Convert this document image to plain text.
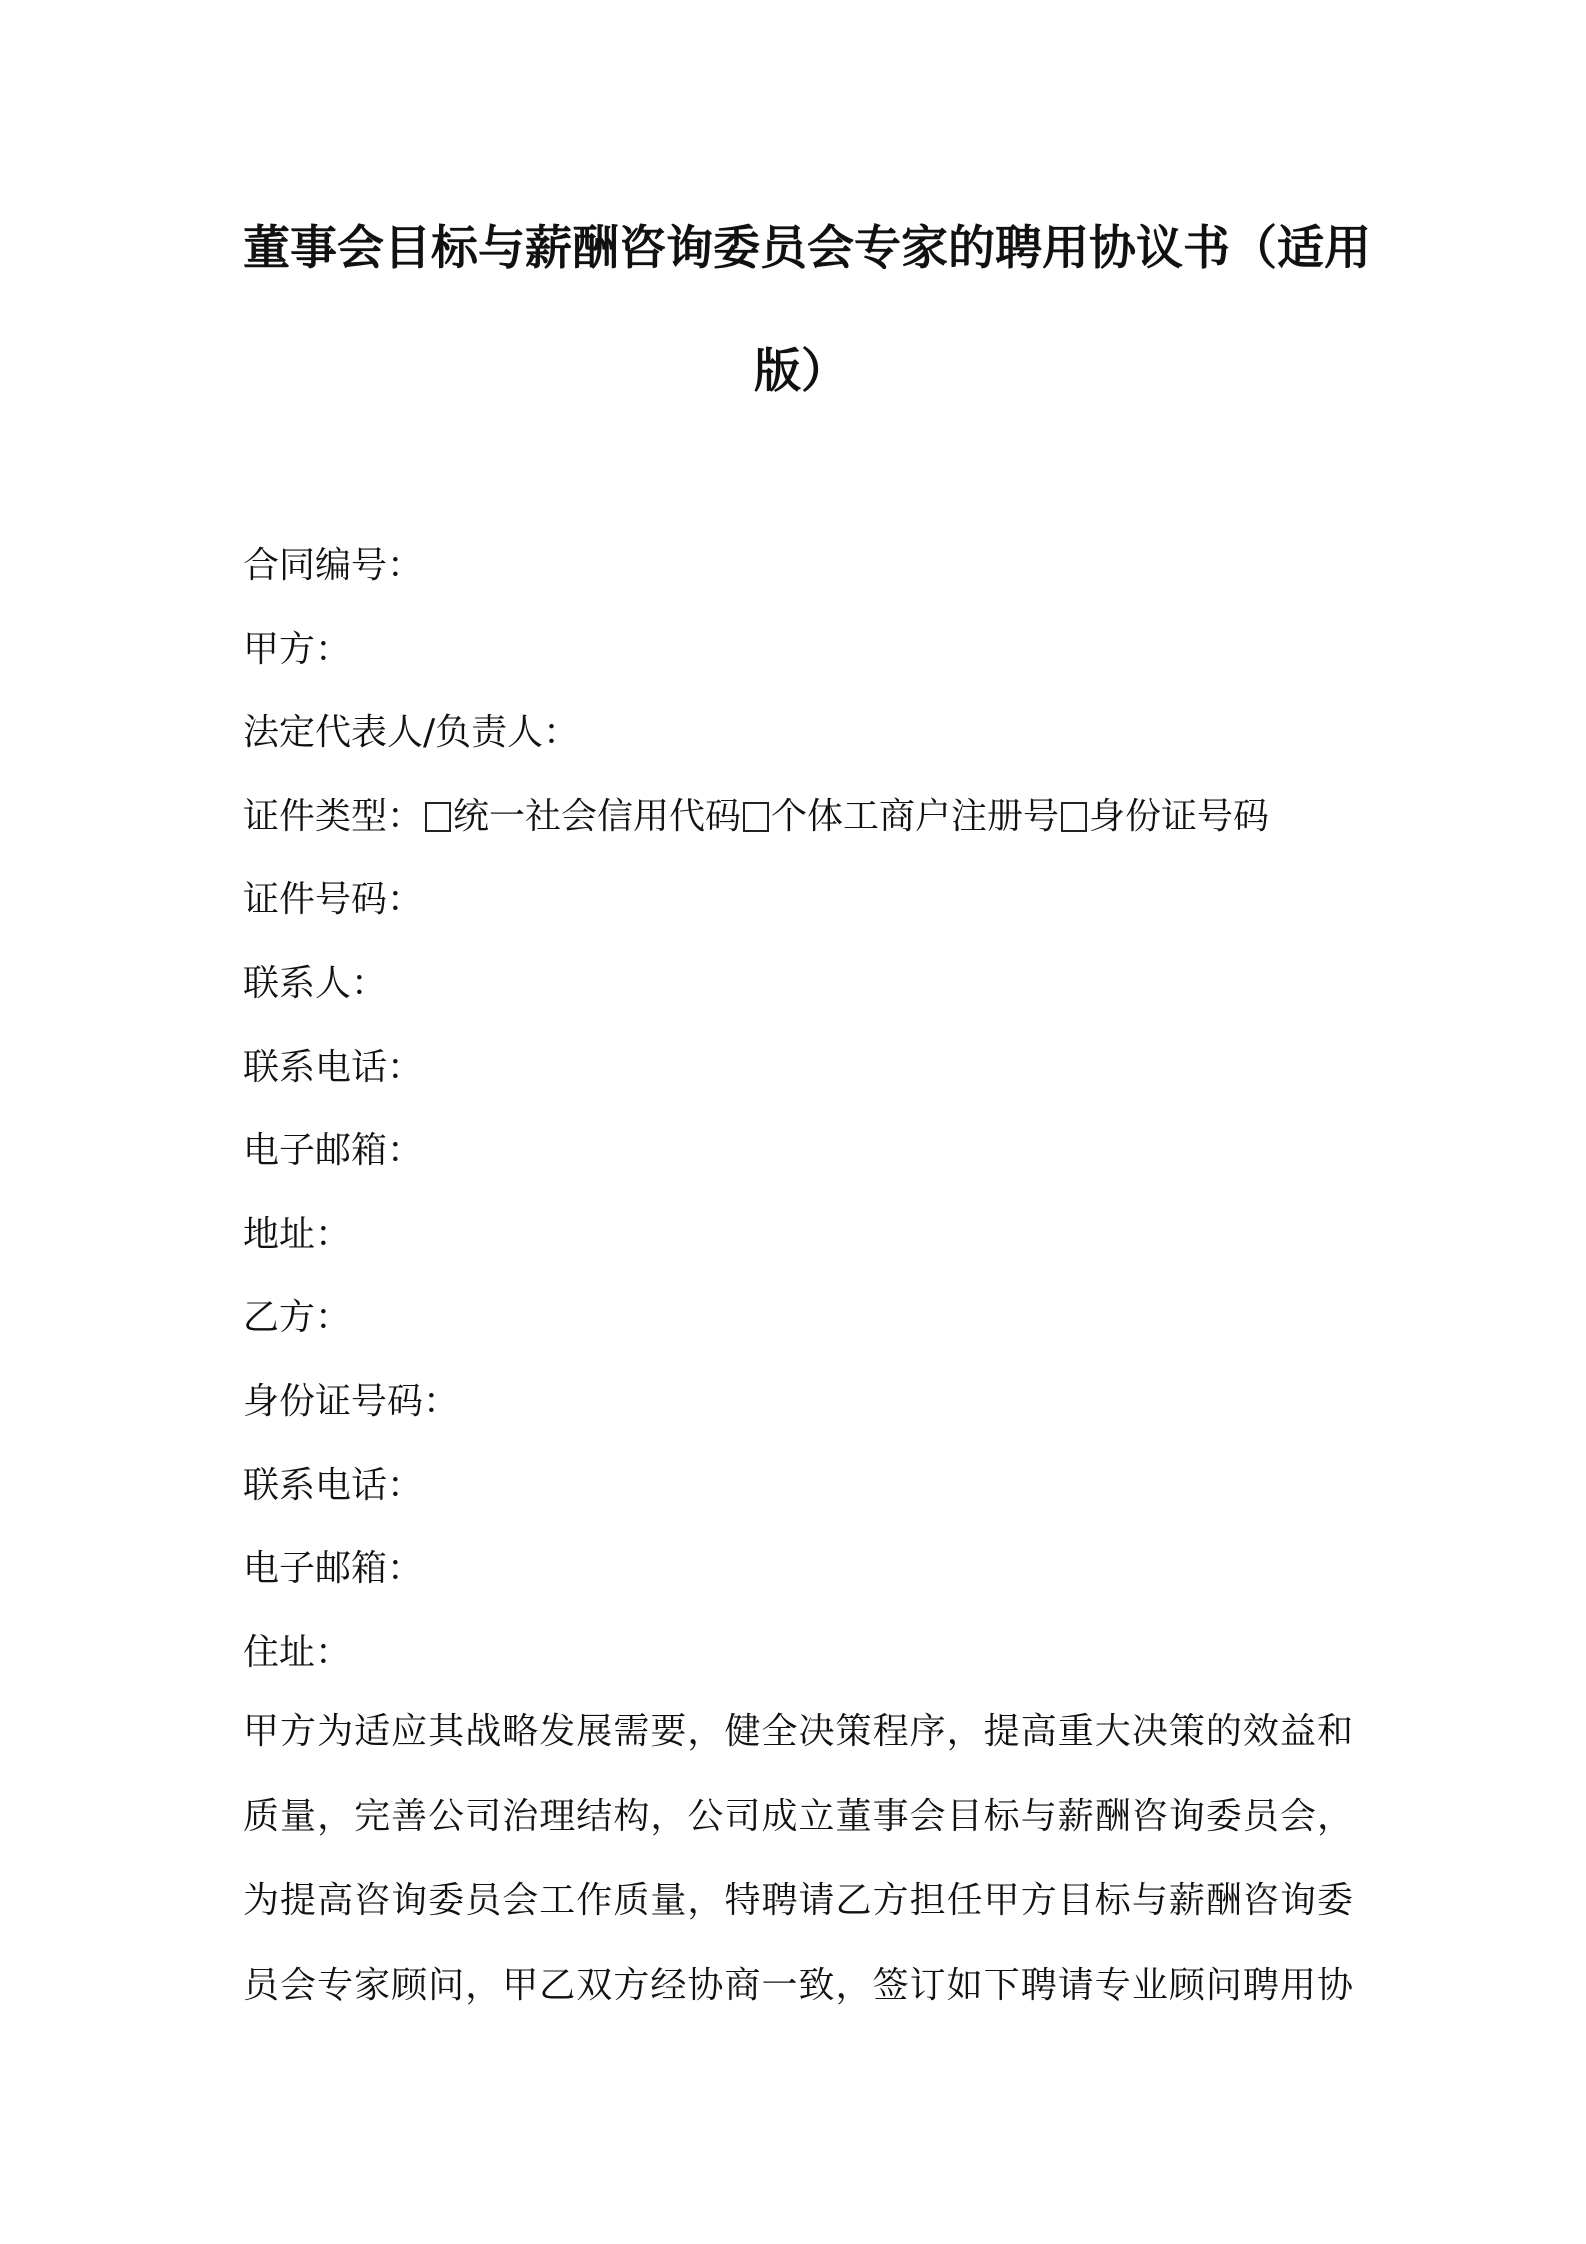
董事会目标与薪酬咨询委员会专家的聘用协议书（适用
版）
合同编号：
甲方：
法定代表人/负责人：
证件类型： 统一社会信用代码 个体工商户注册号 身份证号码
证件号码：
联系人：
联系电话：
电子邮箱：
地址：
乙方：
身份证号码：
联系电话：
电子邮箱：
住址：
甲方为适应其战略发展需要，健全决策程序，提高重大决策的效益和
质量，完善公司治理结构，公司成立董事会目标与薪酬咨询委员会，
为提高咨询委员会工作质量，特聘请乙方担任甲方目标与薪酬咨询委
员会专家顾问，甲乙双方经协商一致，签订如下聘请专业顾问聘用协
